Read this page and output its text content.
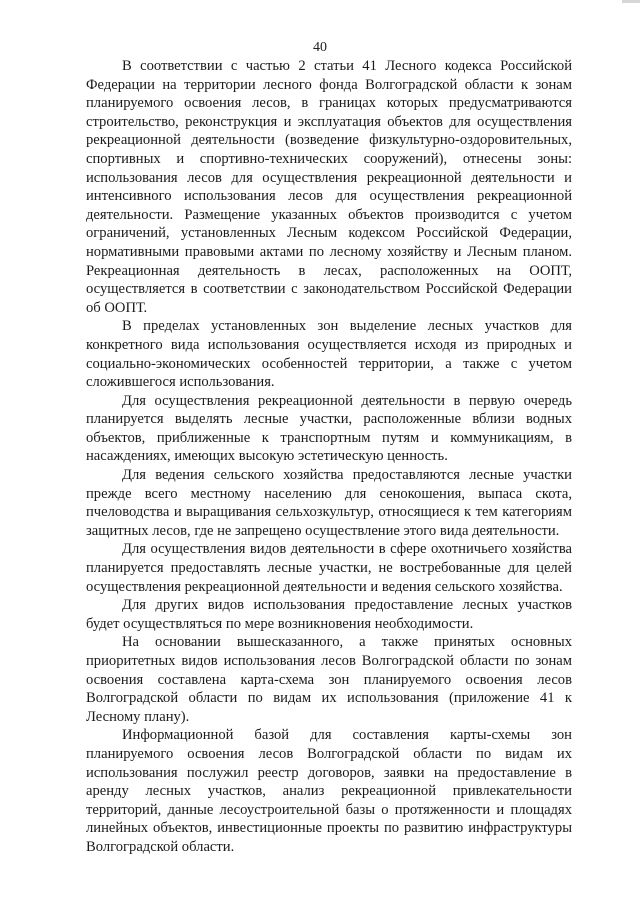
40

В соответствии с частью 2 статьи 41 Лесного кодекса Российской Федерации на территории лесного фонда Волгоградской области к зонам планируемого освоения лесов, в границах которых предусматриваются строительство, реконструкция и эксплуатация объектов для осуществления рекреационной деятельности (возведение физкультурно-оздоровительных, спортивных и спортивно-технических сооружений), отнесены зоны: использования лесов для осуществления рекреационной деятельности и интенсивного использования лесов для осуществления рекреационной деятельности. Размещение указанных объектов производится с учетом ограничений, установленных Лесным кодексом Российской Федерации, нормативными правовыми актами по лесному хозяйству и Лесным планом. Рекреационная деятельность в лесах, расположенных на ООПТ, осуществляется в соответствии с законодательством Российской Федерации об ООПТ.

В пределах установленных зон выделение лесных участков для конкретного вида использования осуществляется исходя из природных и социально-экономических особенностей территории, а также с учетом сложившегося использования.

Для осуществления рекреационной деятельности в первую очередь планируется выделять лесные участки, расположенные вблизи водных объектов, приближенные к транспортным путям и коммуникациям, в насаждениях, имеющих высокую эстетическую ценность.

Для ведения сельского хозяйства предоставляются лесные участки прежде всего местному населению для сенокошения, выпаса скота, пчеловодства и выращивания сельхозкультур, относящиеся к тем категориям защитных лесов, где не запрещено осуществление этого вида деятельности.

Для осуществления видов деятельности в сфере охотничьего хозяйства планируется предоставлять лесные участки, не востребованные для целей осуществления рекреационной деятельности и ведения сельского хозяйства.

Для других видов использования предоставление лесных участков будет осуществляться по мере возникновения необходимости.

На основании вышесказанного, а также принятых основных приоритетных видов использования лесов Волгоградской области по зонам освоения составлена карта-схема зон планируемого освоения лесов Волгоградской области по видам их использования (приложение 41 к Лесному плану).

Информационной базой для составления карты-схемы зон планируемого освоения лесов Волгоградской области по видам их использования послужил реестр договоров, заявки на предоставление в аренду лесных участков, анализ рекреационной привлекательности территорий, данные лесоустроительной базы о протяженности и площадях линейных объектов, инвестиционные проекты по развитию инфраструктуры Волгоградской области.
